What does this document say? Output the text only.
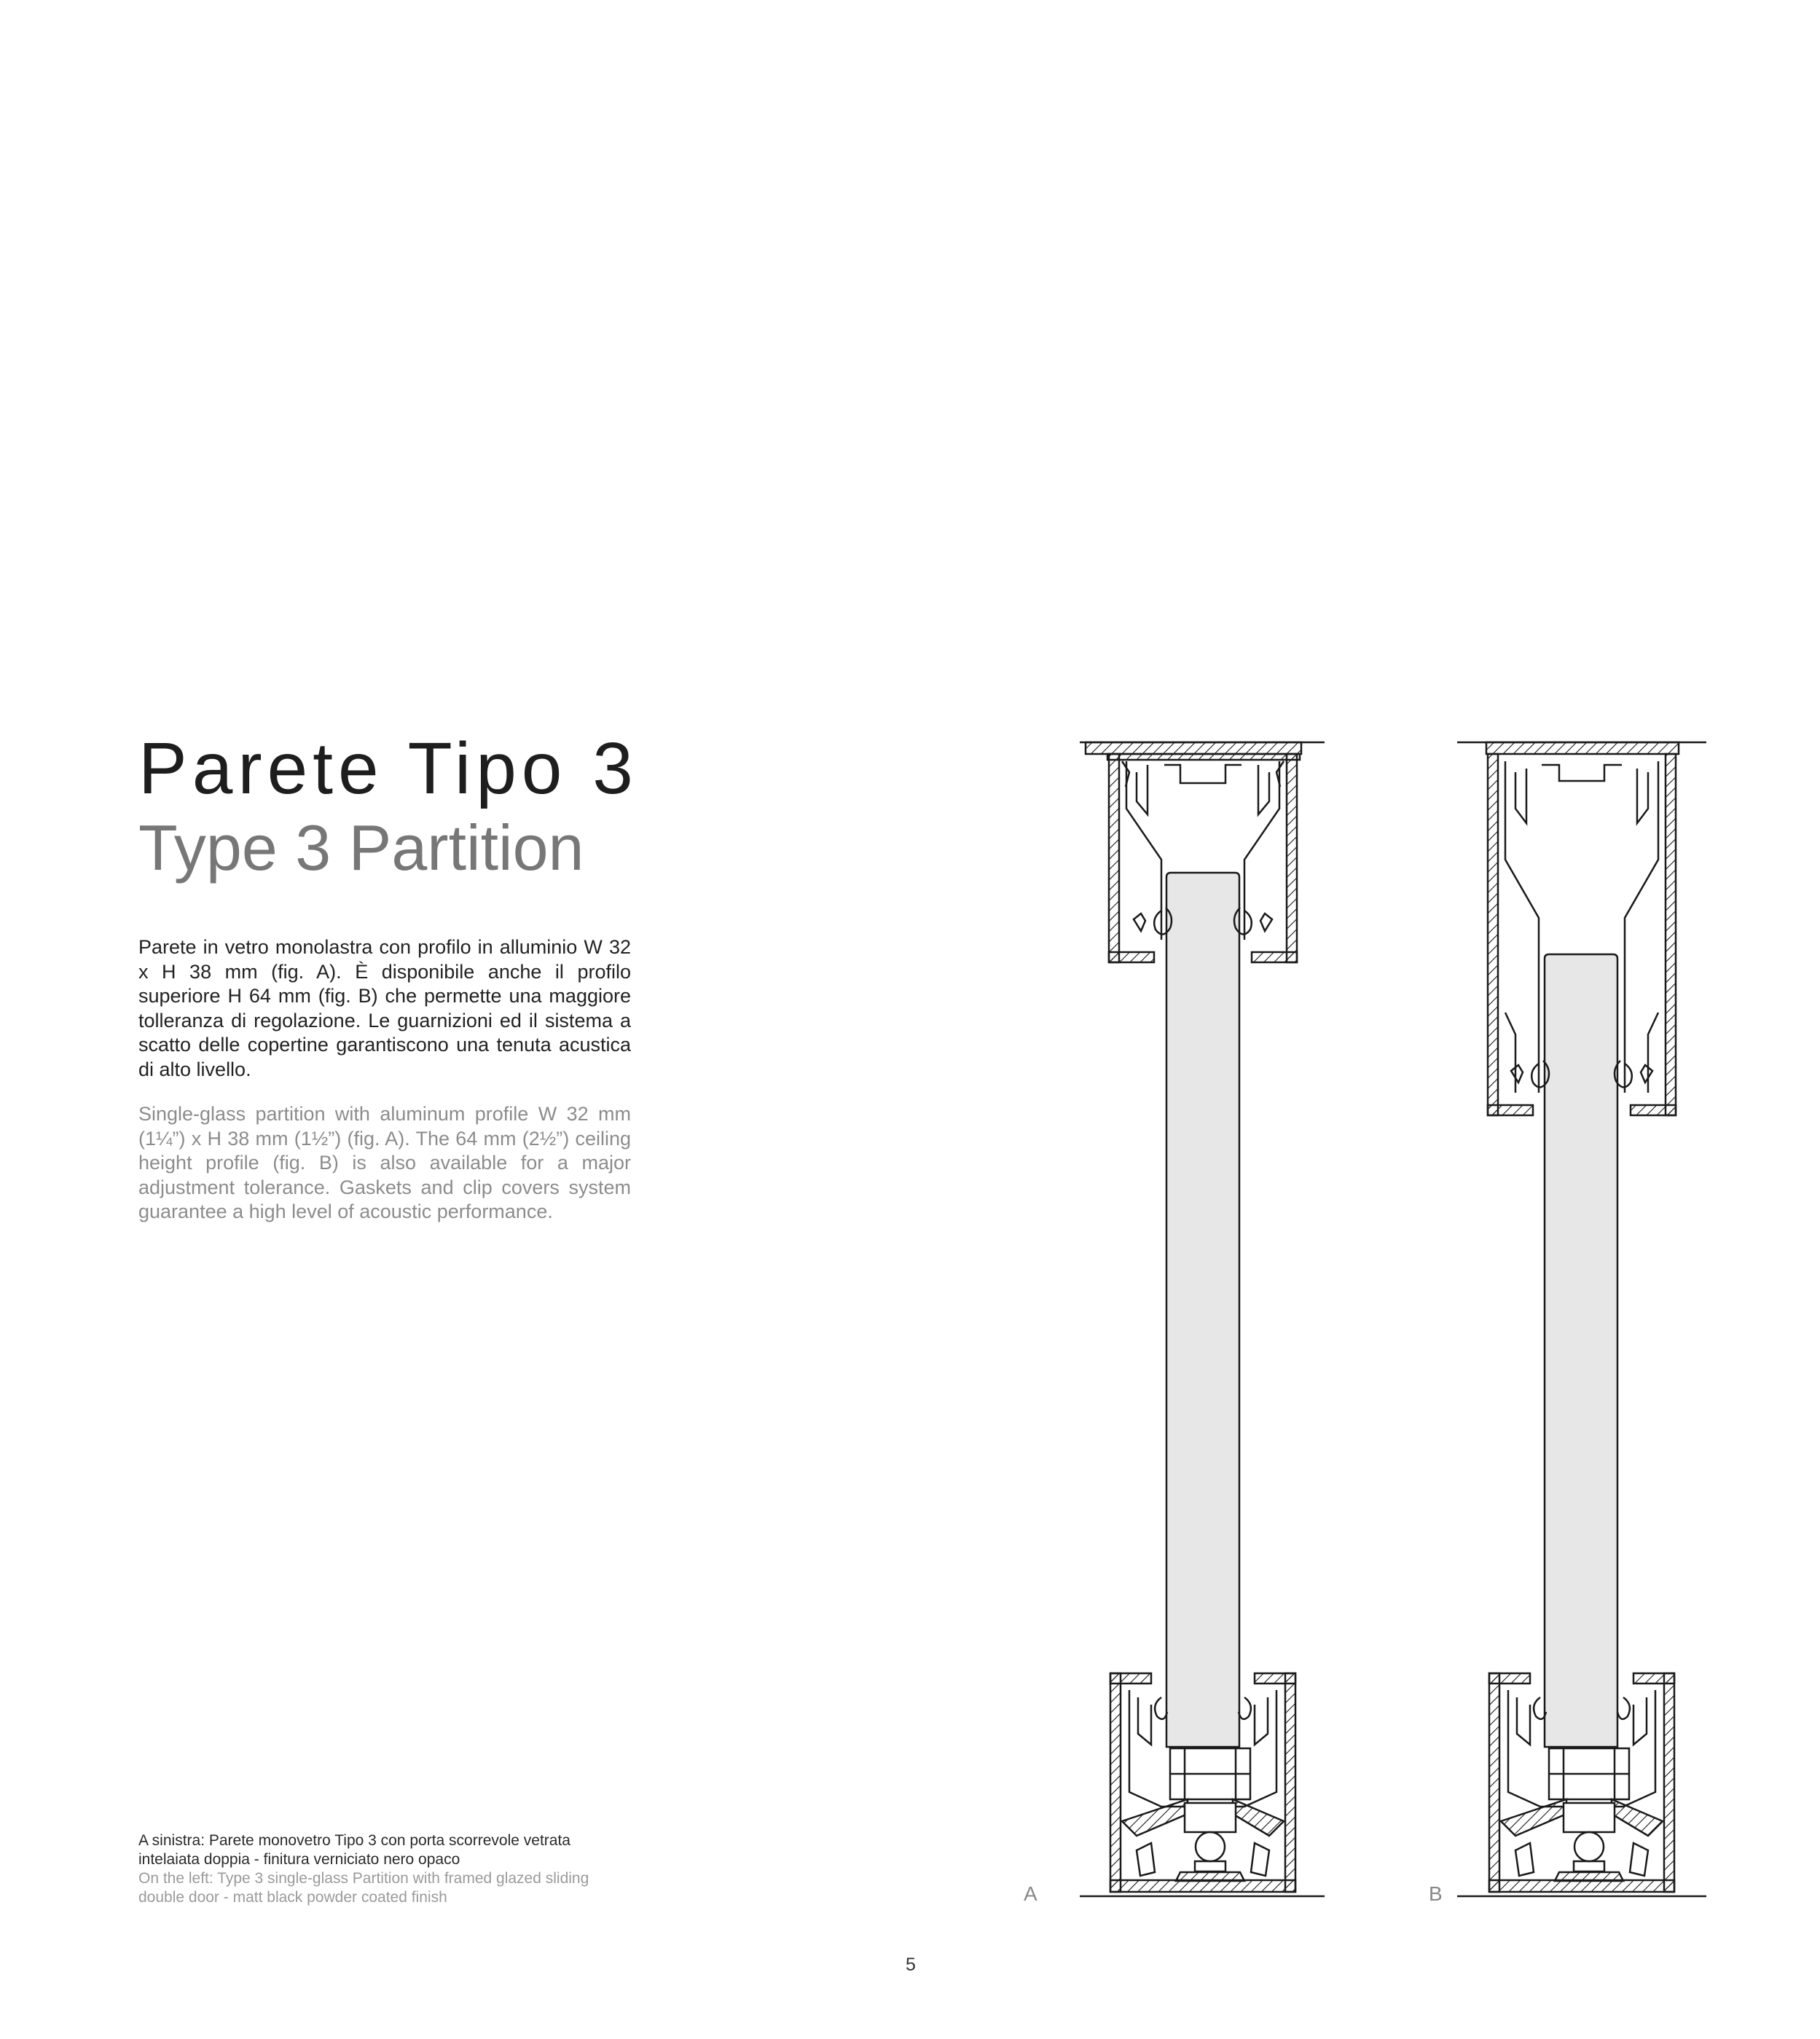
Parete Tipo 3
Type 3 Partition

Parete in vetro monolastra con profilo in alluminio W 32 x H 38 mm (fig. A). È disponibile anche il profilo superiore H 64 mm (fig. B) che permette una maggiore tolleranza di regolazione. Le guarnizioni ed il sistema a scatto delle copertine garantiscono una tenuta acustica di alto livello.

Single-glass partition with aluminum profile W 32 mm (1¼”) x H 38 mm (1½”) (fig. A). The 64 mm (2½”) ceiling height profile (fig. B) is also available for a major adjustment tolerance. Gaskets and clip covers system guarantee a high level of acoustic performance.

A sinistra: Parete monovetro Tipo 3 con porta scorrevole vetrata intelaiata doppia - finitura verniciato nero opaco

On the left: Type 3 single-glass Partition with framed glazed sliding double door - matt black powder coated finish	A	B
5
